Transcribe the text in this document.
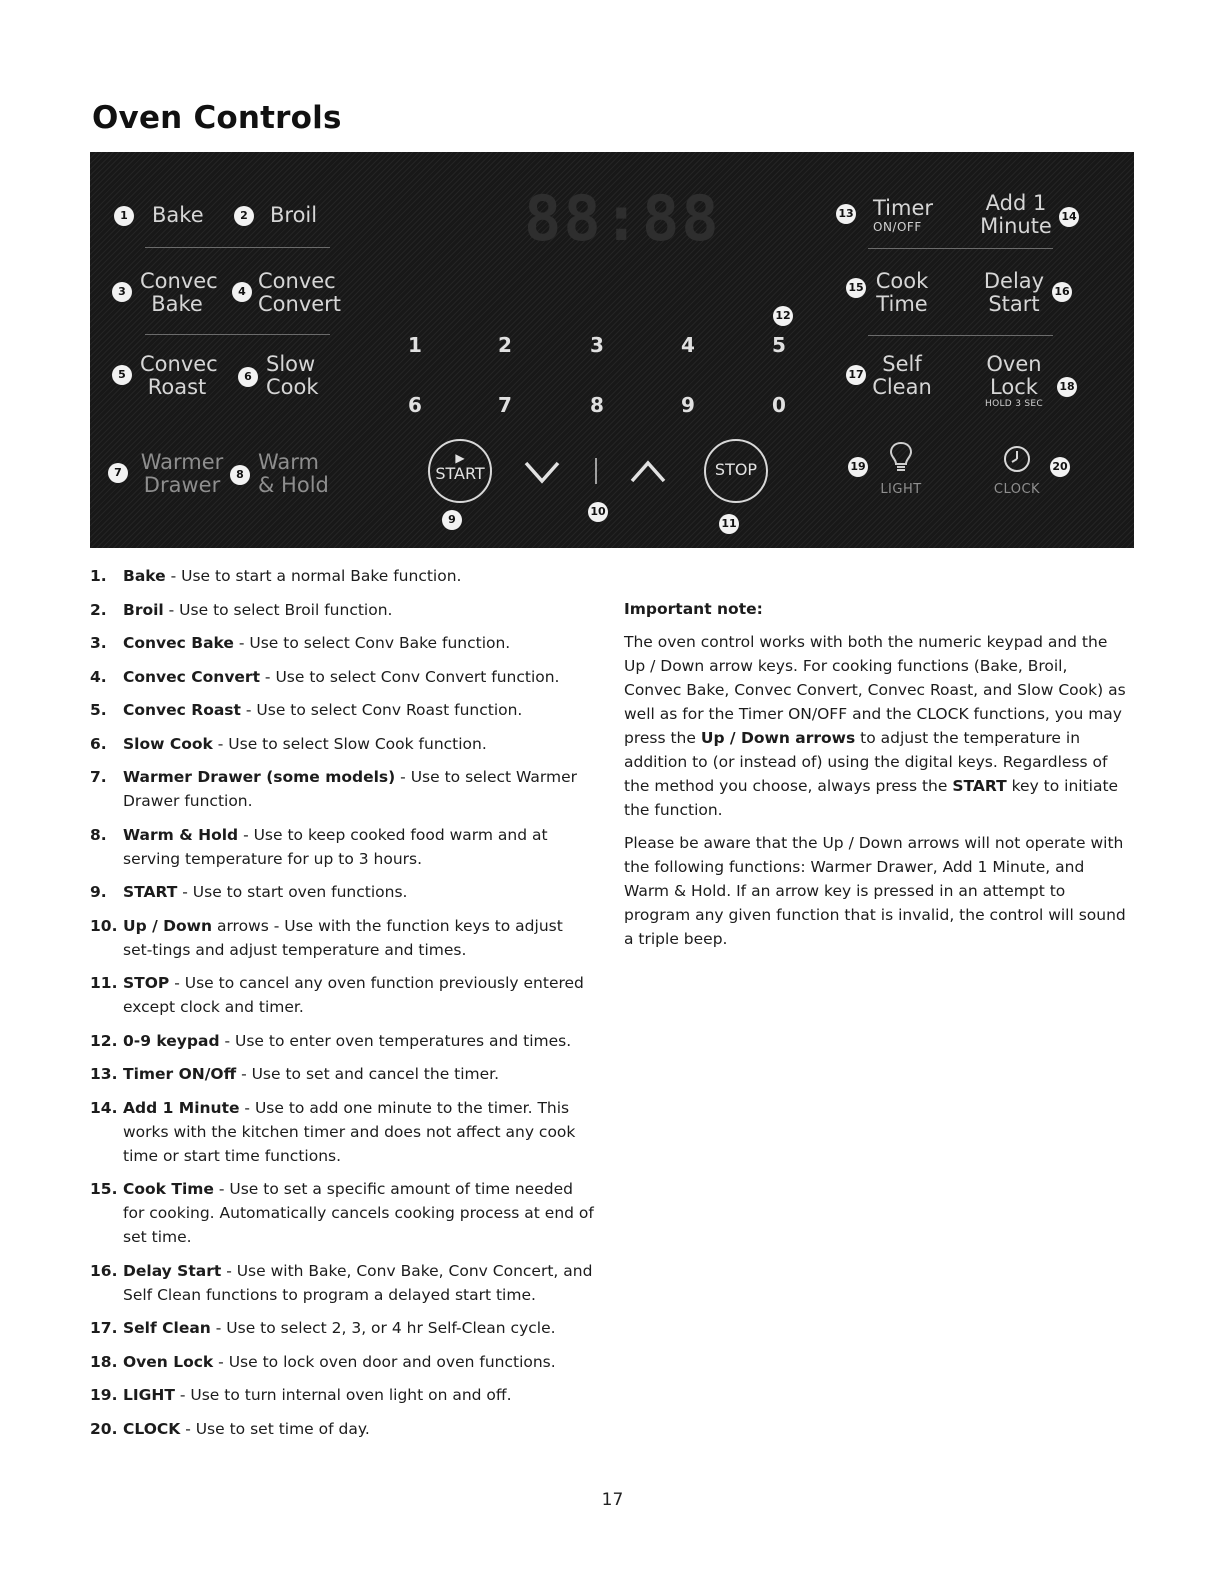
Oven Controls
1 Bake	2 Broil
3 Convec
Bake
4 Convec
Convert
5 Convec
Roast	6
Slow
Cook
7 Warmer
Drawer	8
Warm
& Hold
88:88
12
1	2	3	4	5
6	7	8	9	0
▶
START
9
10
STOP
11
13 Timer
ON/OFF
Add 1
Minute 14
15 Cook
Time
Delay
Start
16
17 Self
Clean
Oven
Lock
HOLD 3 SEC
18
19
LIGHT	CLOCK
20
1. Bake - Use to start a normal Bake function.
2. Broil - Use to select Broil function.
3. Convec Bake - Use to select Conv Bake function.
4. Convec Convert - Use to select Conv Convert function.
5. Convec Roast - Use to select Conv Roast function.
6. Slow Cook - Use to select Slow Cook function.
7. Warmer Drawer (some models) - Use to select Warmer Drawer function.
8. Warm & Hold - Use to keep cooked food warm and at serving temperature for up to 3 hours.
9. START - Use to start oven functions.
10. Up / Down arrows - Use with the function keys to adjust set-tings and adjust temperature and times.
11. STOP - Use to cancel any oven function previously entered except clock and timer.
12. 0-9 keypad - Use to enter oven temperatures and times.
13. Timer ON/Off - Use to set and cancel the timer.
14. Add 1 Minute - Use to add one minute to the timer. This works with the kitchen timer and does not affect any cook time or start time functions.
15. Cook Time - Use to set a specific amount of time needed for cooking. Automatically cancels cooking process at end of set time.
16. Delay Start - Use with Bake, Conv Bake, Conv Concert, and Self Clean functions to program a delayed start time.
17. Self Clean - Use to select 2, 3, or 4 hr Self-Clean cycle.
18. Oven Lock - Use to lock oven door and oven functions.
19. LIGHT - Use to turn internal oven light on and off.
20. CLOCK - Use to set time of day.
Important note:

The oven control works with both the numeric keypad and the Up / Down arrow keys. For cooking functions (Bake, Broil, Convec Bake, Convec Convert, Convec Roast, and Slow Cook) as well as for the Timer ON/OFF and the CLOCK functions, you may press the Up / Down arrows to adjust the temperature in addition to (or instead of) using the digital keys. Regardless of the method you choose, always press the START key to initiate the function.

Please be aware that the Up / Down arrows will not operate with the following functions: Warmer Drawer, Add 1 Minute, and Warm & Hold. If an arrow key is pressed in an attempt to program any given function that is invalid, the control will sound a triple beep.

17
